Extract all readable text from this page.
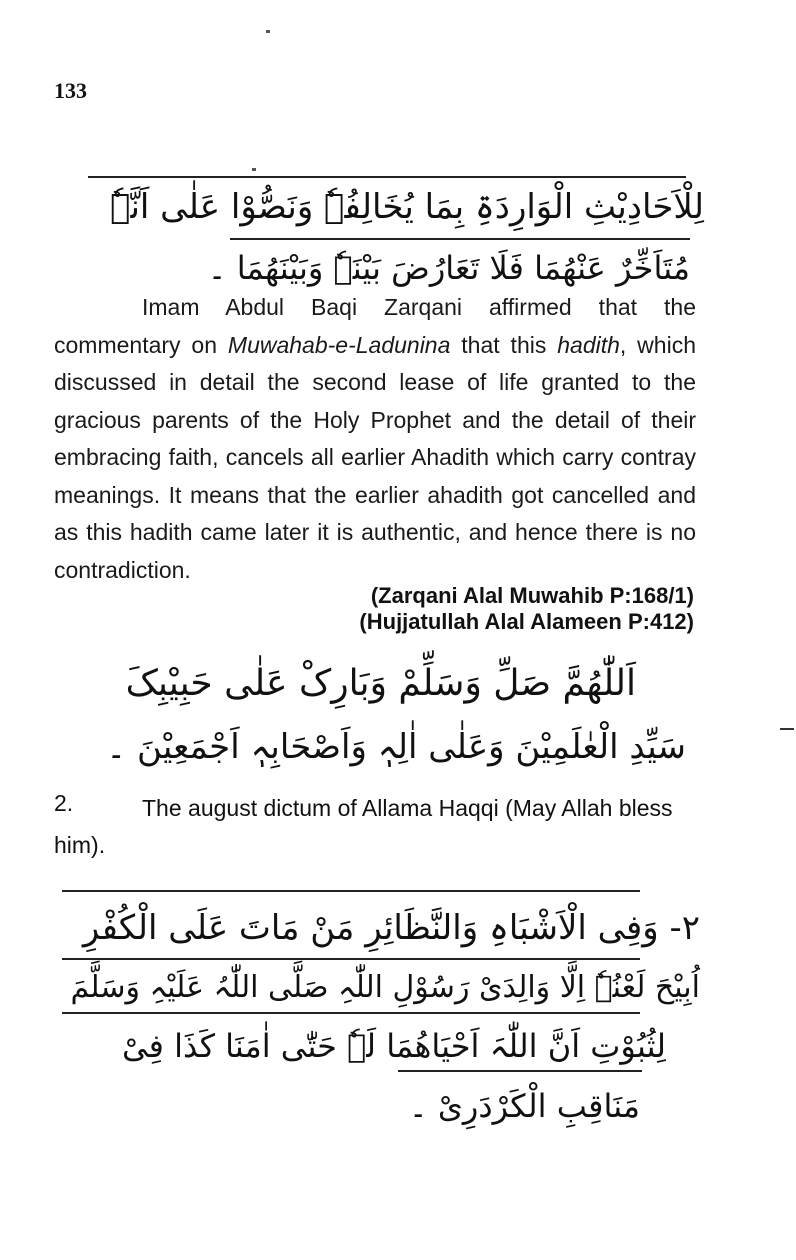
133
لِلْاَحَادِیْثِ الْوَارِدَۃِ بِمَا یُخَالِفُہٗ وَنَصُّوْا عَلٰی اَنَّہٗ
مُتَاَخِّرٌ عَنْھُمَا فَلَا تَعَارُضَ بَیْنَہٗ وَبَیْنَھُمَا ۔

Imam Abdul Baqi Zarqani affirmed that the commentary on Muwahab-e-Ladunina that this hadith, which discussed in detail the second lease of life granted to the gracious parents of the Holy Prophet and the detail of their embracing faith, cancels all earlier Ahadith which carry contray meanings. It means that the earlier ahadith got cancelled and as this hadith came later it is authentic, and hence there is no contradiction.

(Zarqani Alal Muwahib P:168/1)
(Hujjatullah Alal Alameen P:412)
اَللّٰھُمَّ صَلِّ وَسَلِّمْ وَبَارِکْ عَلٰی حَبِیْبِکَ
سَیِّدِ الْعٰلَمِیْنَ وَعَلٰی اٰلِہٖ وَاَصْحَابِہٖ اَجْمَعِیْنَ ۔
The august dictum of Allama Haqqi (May Allah bless him).
2.
۲- وَفِی الْاَشْبَاہِ وَالنَّظَائِرِ مَنْ مَاتَ عَلَی الْکُفْرِ
اُبِیْحَ لَعْنُہٗ اِلَّا وَالِدَیْ رَسُوْلِ اللّٰہِ صَلَّی اللّٰہُ عَلَیْہِ وَسَلَّمَ
لِثُبُوْتِ اَنَّ اللّٰہَ اَحْیَاھُمَا لَہٗ حَتّٰی اٰمَنَا کَذَا فِیْ
مَنَاقِبِ الْکَرْدَرِیْ ۔
